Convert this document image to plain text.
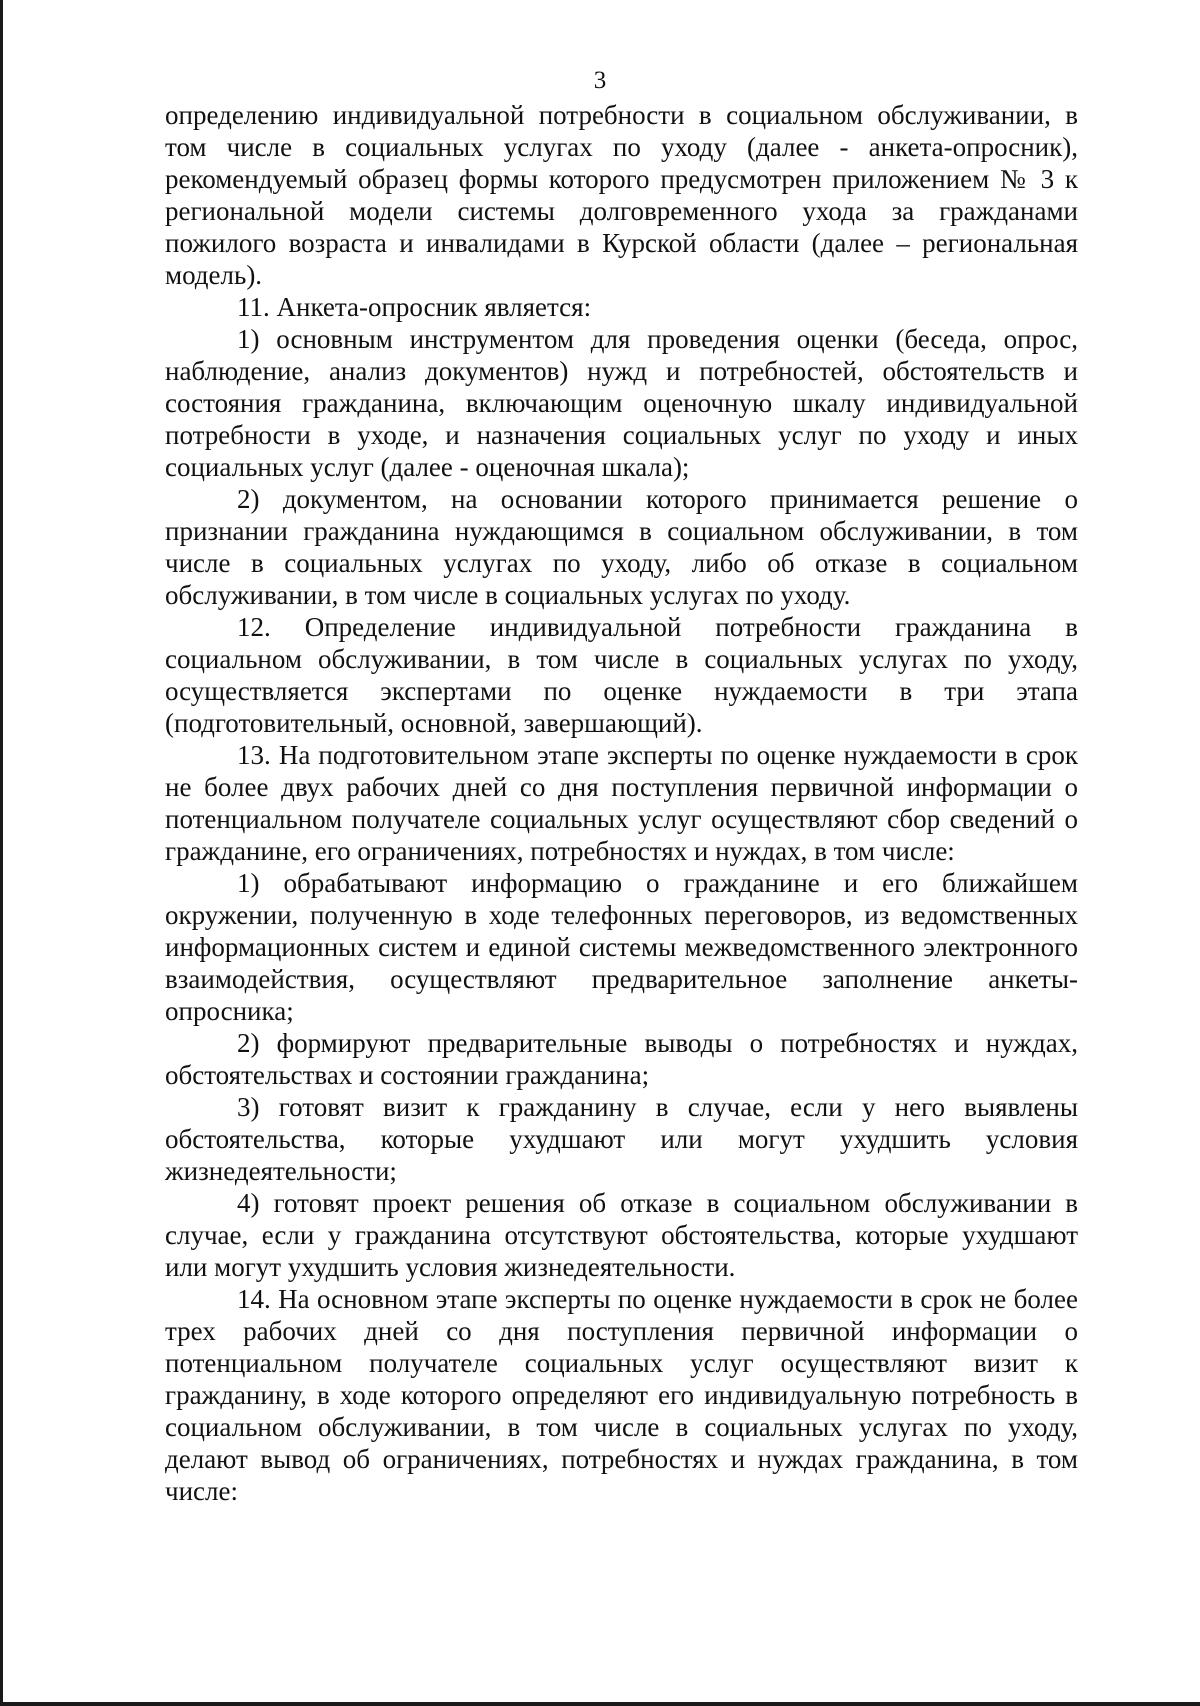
3

определению индивидуальной потребности в социальном обслуживании, в том числе в социальных услугах по уходу (далее - анкета-опросник), рекомендуемый образец формы которого предусмотрен приложением № 3 к региональной модели системы долговременного ухода за гражданами пожилого возраста и инвалидами в Курской области (далее – региональная модель).

11. Анкета-опросник является:

1) основным инструментом для проведения оценки (беседа, опрос, наблюдение, анализ документов) нужд и потребностей, обстоятельств и состояния гражданина, включающим оценочную шкалу индивидуальной потребности в уходе, и назначения социальных услуг по уходу и иных социальных услуг (далее - оценочная шкала);

2) документом, на основании которого принимается решение о признании гражданина нуждающимся в социальном обслуживании, в том числе в социальных услугах по уходу, либо об отказе в социальном обслуживании, в том числе в социальных услугах по уходу.

12. Определение индивидуальной потребности гражданина в социальном обслуживании, в том числе в социальных услугах по уходу, осуществляется экспертами по оценке нуждаемости в три этапа (подготовительный, основной, завершающий).

13. На подготовительном этапе эксперты по оценке нуждаемости в срок не более двух рабочих дней со дня поступления первичной информации о потенциальном получателе социальных услуг осуществляют сбор сведений о гражданине, его ограничениях, потребностях и нуждах, в том числе:

1) обрабатывают информацию о гражданине и его ближайшем окружении, полученную в ходе телефонных переговоров, из ведомственных информационных систем и единой системы межведомственного электронного взаимодействия, осуществляют предварительное заполнение анкеты-опросника;

2) формируют предварительные выводы о потребностях и нуждах, обстоятельствах и состоянии гражданина;

3) готовят визит к гражданину в случае, если у него выявлены обстоятельства, которые ухудшают или могут ухудшить условия жизнедеятельности;

4) готовят проект решения об отказе в социальном обслуживании в случае, если у гражданина отсутствуют обстоятельства, которые ухудшают или могут ухудшить условия жизнедеятельности.

14. На основном этапе эксперты по оценке нуждаемости в срок не более трех рабочих дней со дня поступления первичной информации о потенциальном получателе социальных услуг осуществляют визит к гражданину, в ходе которого определяют его индивидуальную потребность в социальном обслуживании, в том числе в социальных услугах по уходу, делают вывод об ограничениях, потребностях и нуждах гражданина, в том числе:
